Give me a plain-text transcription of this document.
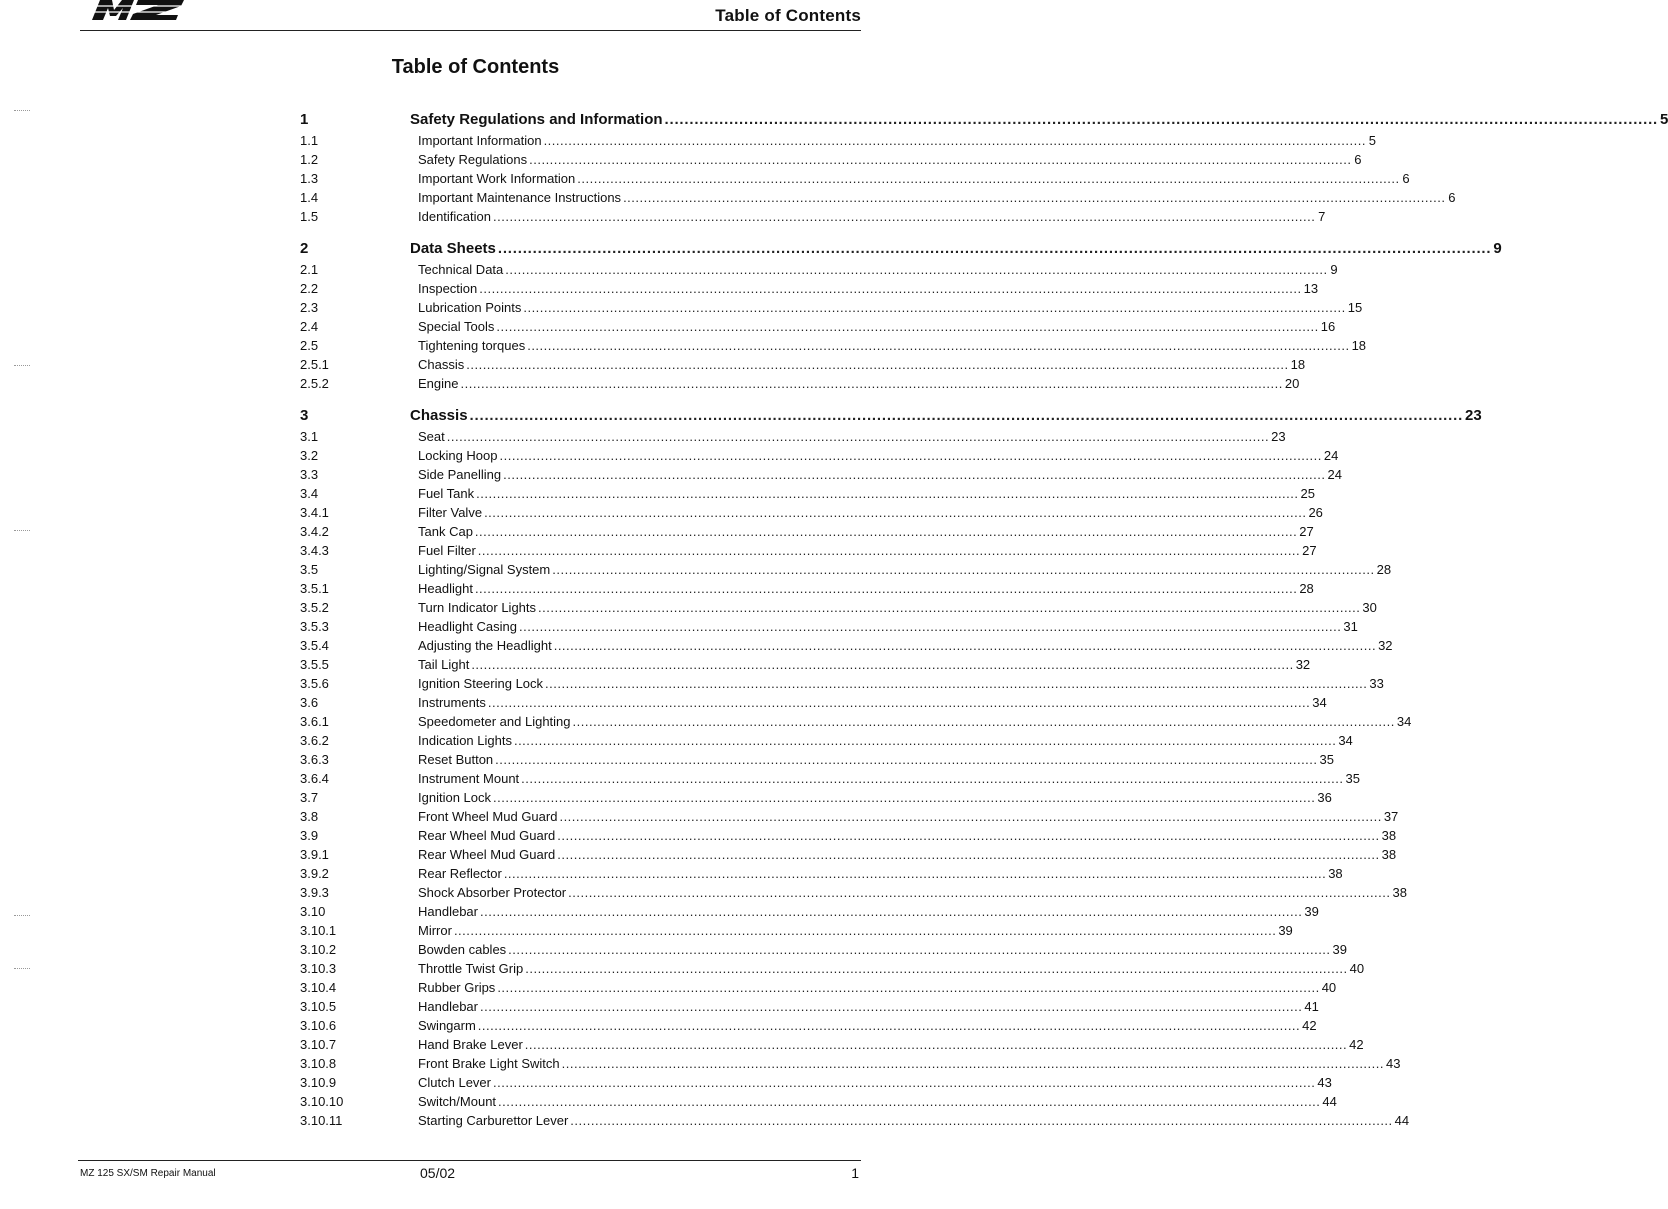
Table of Contents
Table of Contents
1	Safety Regulations and Information ........................................................................................................................................................................................................ 5
1.1	Important Information ........................................................................................................................................................................................................ 5
1.2	Safety Regulations ........................................................................................................................................................................................................ 6
1.3	Important Work Information ........................................................................................................................................................................................................ 6
1.4	Important Maintenance Instructions ........................................................................................................................................................................................................ 6
1.5	Identification ........................................................................................................................................................................................................ 7
2	Data Sheets ........................................................................................................................................................................................................ 9
2.1	Technical Data ........................................................................................................................................................................................................ 9
2.2	Inspection ........................................................................................................................................................................................................ 13
2.3	Lubrication Points ........................................................................................................................................................................................................ 15
2.4	Special Tools ........................................................................................................................................................................................................ 16
2.5	Tightening torques ........................................................................................................................................................................................................ 18
2.5.1	Chassis ........................................................................................................................................................................................................ 18
2.5.2	Engine ........................................................................................................................................................................................................ 20
3	Chassis ........................................................................................................................................................................................................ 23
3.1	Seat ........................................................................................................................................................................................................ 23
3.2	Locking Hoop ........................................................................................................................................................................................................ 24
3.3	Side Panelling ........................................................................................................................................................................................................ 24
3.4	Fuel Tank ........................................................................................................................................................................................................ 25
3.4.1	Filter Valve ........................................................................................................................................................................................................ 26
3.4.2	Tank Cap ........................................................................................................................................................................................................ 27
3.4.3	Fuel Filter ........................................................................................................................................................................................................ 27
3.5	Lighting/Signal System ........................................................................................................................................................................................................ 28
3.5.1	Headlight ........................................................................................................................................................................................................ 28
3.5.2	Turn Indicator Lights ........................................................................................................................................................................................................ 30
3.5.3	Headlight Casing ........................................................................................................................................................................................................ 31
3.5.4	Adjusting the Headlight ........................................................................................................................................................................................................ 32
3.5.5	Tail Light ........................................................................................................................................................................................................ 32
3.5.6	Ignition Steering Lock ........................................................................................................................................................................................................ 33
3.6	Instruments ........................................................................................................................................................................................................ 34
3.6.1	Speedometer and Lighting ........................................................................................................................................................................................................ 34
3.6.2	Indication Lights ........................................................................................................................................................................................................ 34
3.6.3	Reset Button ........................................................................................................................................................................................................ 35
3.6.4	Instrument Mount ........................................................................................................................................................................................................ 35
3.7	Ignition Lock ........................................................................................................................................................................................................ 36
3.8	Front Wheel Mud Guard ........................................................................................................................................................................................................ 37
3.9	Rear Wheel Mud Guard ........................................................................................................................................................................................................ 38
3.9.1	Rear Wheel Mud Guard ........................................................................................................................................................................................................ 38
3.9.2	Rear Reflector ........................................................................................................................................................................................................ 38
3.9.3	Shock Absorber Protector ........................................................................................................................................................................................................ 38
3.10	Handlebar ........................................................................................................................................................................................................ 39
3.10.1	Mirror ........................................................................................................................................................................................................ 39
3.10.2	Bowden cables ........................................................................................................................................................................................................ 39
3.10.3	Throttle Twist Grip ........................................................................................................................................................................................................ 40
3.10.4	Rubber Grips ........................................................................................................................................................................................................ 40
3.10.5	Handlebar ........................................................................................................................................................................................................ 41
3.10.6	Swingarm ........................................................................................................................................................................................................ 42
3.10.7	Hand Brake Lever ........................................................................................................................................................................................................ 42
3.10.8	Front Brake Light Switch ........................................................................................................................................................................................................ 43
3.10.9	Clutch Lever ........................................................................................................................................................................................................ 43
3.10.10	Switch/Mount ........................................................................................................................................................................................................ 44
3.10.11	Starting Carburettor Lever ........................................................................................................................................................................................................ 44
MZ 125 SX/SM Repair Manual	05/02	1
